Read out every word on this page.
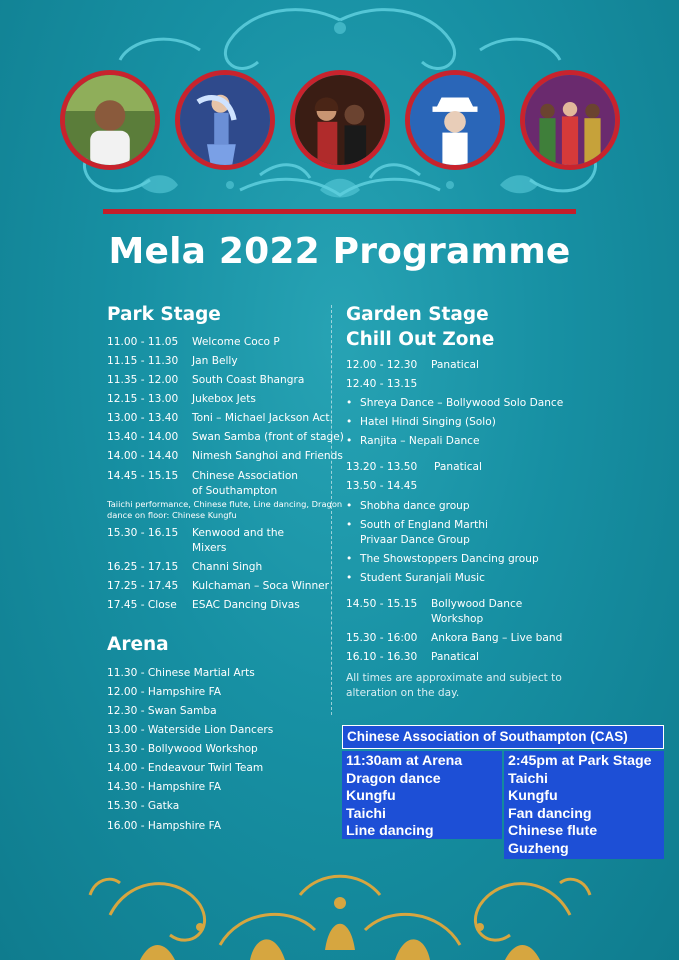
Mela 2022 Programme
Park Stage
11.00 - 11.05 Welcome Coco P
11.15 - 11.30 Jan Belly
11.35 - 12.00 South Coast Bhangra
12.15 - 13.00 Jukebox Jets
13.00 - 13.40 Toni – Michael Jackson Act.
13.40 - 14.00 Swan Samba (front of stage)
14.00 - 14.40 Nimesh Sanghoi and Friends
14.45 - 15.15 Chinese Association
of Southampton
Taiichi performance, Chinese flute, Line dancing, Dragon
dance on floor: Chinese Kungfu
15.30 - 16.15 Kenwood and the
Mixers
16.25 - 17.15 Channi Singh
17.25 - 17.45 Kulchaman – Soca Winner
17.45 - Close ESAC Dancing Divas
Arena
11.30 - Chinese Martial Arts
12.00 - Hampshire FA
12.30 - Swan Samba
13.00 - Waterside Lion Dancers
13.30 - Bollywood Workshop
14.00 - Endeavour Twirl Team
14.30 - Hampshire FA
15.30 - Gatka
16.00 - Hampshire FA
Garden Stage
Chill Out Zone
12.00 - 12.30 Panatical
12.40 - 13.15
• Shreya Dance – Bollywood Solo Dance
• Hatel Hindi Singing (Solo)
• Ranjita – Nepali Dance
13.20 - 13.50 Panatical
13.50 - 14.45
• Shobha dance group
• South of England Marthi
Privaar Dance Group
• The Showstoppers Dancing group
• Student Suranjali Music
14.50 - 15.15 Bollywood Dance
Workshop
15.30 - 16:00 Ankora Bang – Live band
16.10 - 16.30 Panatical
All times are approximate and subject to alteration on the day.
Chinese Association of Southampton (CAS)
11:30am at Arena
Dragon dance
Kungfu
Taichi
Line dancing
2:45pm at Park Stage
Taichi
Kungfu
Fan dancing
Chinese flute
Guzheng
